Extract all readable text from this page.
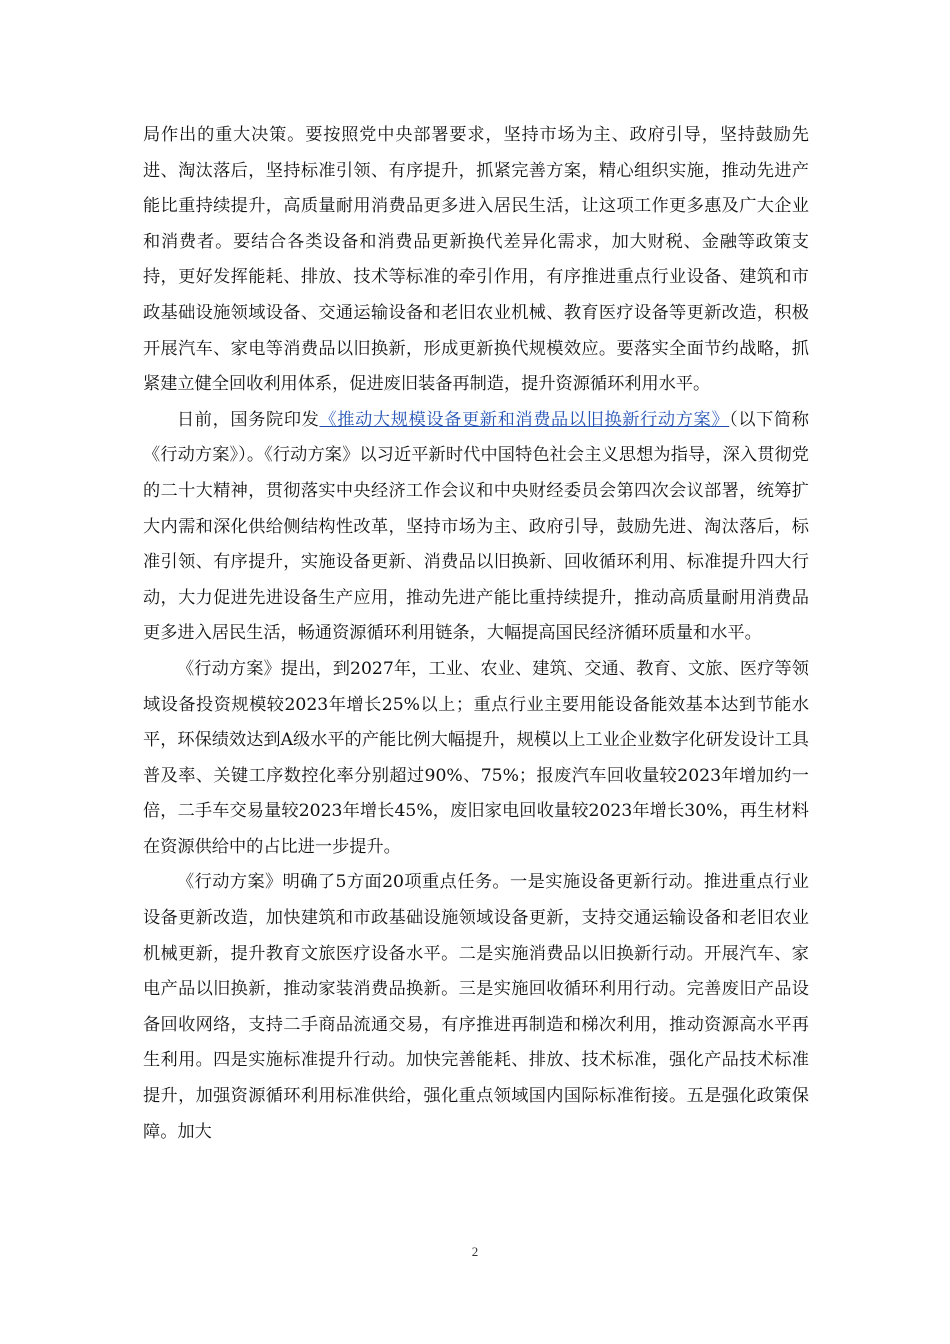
局作出的重大决策。要按照党中央部署要求，坚持市场为主、政府引导，坚持鼓励先进、淘汰落后，坚持标准引领、有序提升，抓紧完善方案，精心组织实施，推动先进产能比重持续提升，高质量耐用消费品更多进入居民生活，让这项工作更多惠及广大企业和消费者。要结合各类设备和消费品更新换代差异化需求，加大财税、金融等政策支持，更好发挥能耗、排放、技术等标准的牵引作用，有序推进重点行业设备、建筑和市政基础设施领域设备、交通运输设备和老旧农业机械、教育医疗设备等更新改造，积极开展汽车、家电等消费品以旧换新，形成更新换代规模效应。要落实全面节约战略，抓紧建立健全回收利用体系，促进废旧装备再制造，提升资源循环利用水平。

日前，国务院印发《推动大规模设备更新和消费品以旧换新行动方案》（以下简称《行动方案》）。《行动方案》以习近平新时代中国特色社会主义思想为指导，深入贯彻党的二十大精神，贯彻落实中央经济工作会议和中央财经委员会第四次会议部署，统筹扩大内需和深化供给侧结构性改革，坚持市场为主、政府引导，鼓励先进、淘汰落后，标准引领、有序提升，实施设备更新、消费品以旧换新、回收循环利用、标准提升四大行动，大力促进先进设备生产应用，推动先进产能比重持续提升，推动高质量耐用消费品更多进入居民生活，畅通资源循环利用链条，大幅提高国民经济循环质量和水平。

《行动方案》提出，到2027年，工业、农业、建筑、交通、教育、文旅、医疗等领域设备投资规模较2023年增长25%以上；重点行业主要用能设备能效基本达到节能水平，环保绩效达到A级水平的产能比例大幅提升，规模以上工业企业数字化研发设计工具普及率、关键工序数控化率分别超过90%、75%；报废汽车回收量较2023年增加约一倍，二手车交易量较2023年增长45%，废旧家电回收量较2023年增长30%，再生材料在资源供给中的占比进一步提升。

《行动方案》明确了5方面20项重点任务。一是实施设备更新行动。推进重点行业设备更新改造，加快建筑和市政基础设施领域设备更新，支持交通运输设备和老旧农业机械更新，提升教育文旅医疗设备水平。二是实施消费品以旧换新行动。开展汽车、家电产品以旧换新，推动家装消费品换新。三是实施回收循环利用行动。完善废旧产品设备回收网络，支持二手商品流通交易，有序推进再制造和梯次利用，推动资源高水平再生利用。四是实施标准提升行动。加快完善能耗、排放、技术标准，强化产品技术标准提升，加强资源循环利用标准供给，强化重点领域国内国际标准衔接。五是强化政策保障。加大

2
